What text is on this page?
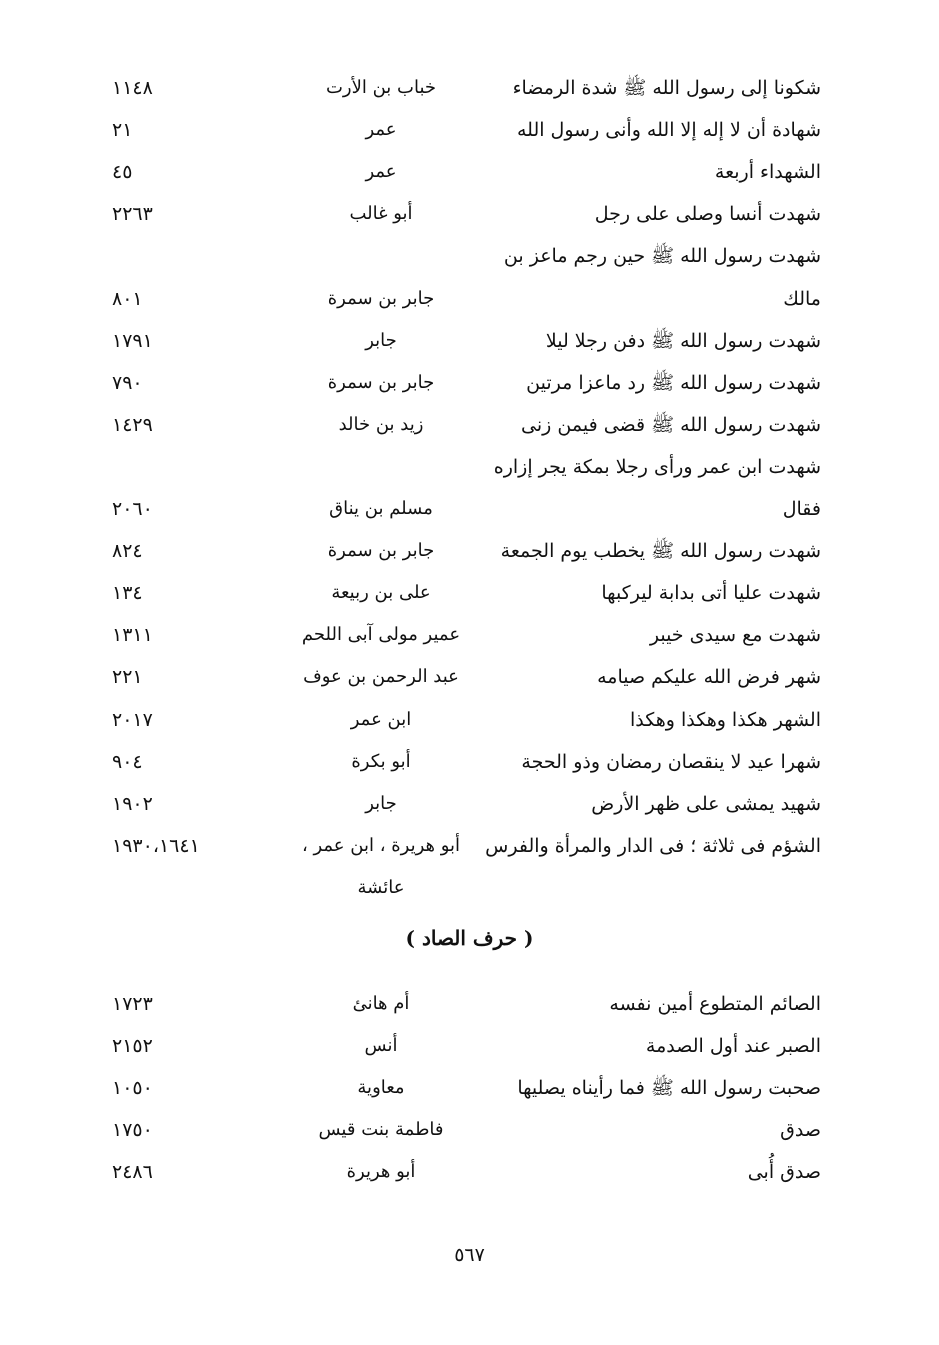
شكونا إلى رسول الله ﷺ شدة الرمضاء
خباب بن الأرت
١١٤٨
شهادة أن لا إله إلا الله وأنى رسول الله
عمر
٢١
الشهداء أربعة
عمر
٤٥
شهدت أنسا وصلى على رجل
أبو غالب
٢٢٦٣
شهدت رسول الله ﷺ حين رجم ماعز بن
مالك
جابر بن سمرة
٨٠١
شهدت رسول الله ﷺ دفن رجلا ليلا
جابر
١٧٩١
شهدت رسول الله ﷺ رد ماعزا مرتين
جابر بن سمرة
٧٩٠
شهدت رسول الله ﷺ قضى فيمن زنى
زيد بن خالد
١٤٢٩
شهدت ابن عمر ورأى رجلا بمكة يجر إزاره
فقال
مسلم بن يناق
٢٠٦٠
شهدت رسول الله ﷺ يخطب يوم الجمعة
جابر بن سمرة
٨٢٤
شهدت عليا أتى بدابة ليركبها
على بن ربيعة
١٣٤
شهدت مع سيدى خيبر
عمير مولى آبى اللحم
١٣١١
شهر فرض الله عليكم صيامه
عبد الرحمن بن عوف
٢٢١
الشهر هكذا وهكذا وهكذا
ابن عمر
٢٠١٧
شهرا عيد لا ينقصان رمضان وذو الحجة
أبو بكرة
٩٠٤
شهيد يمشى على ظهر الأرض
جابر
١٩٠٢
الشؤم فى ثلاثة ؛ فى الدار والمرأة والفرس
أبو هريرة ، ابن عمر ،
١٩٣٠،١٦٤١
عائشة
الصائم المتطوع أمين نفسه
أم هانئ
١٧٢٣
الصبر عند أول الصدمة
أنس
٢١٥٢
صحبت رسول الله ﷺ فما رأيناه يصليها
معاوية
١٠٥٠
صدق
فاطمة بنت قيس
١٧٥٠
صدق أُبى
أبو هريرة
٢٤٨٦
( حرف الصاد )
٥٦٧
